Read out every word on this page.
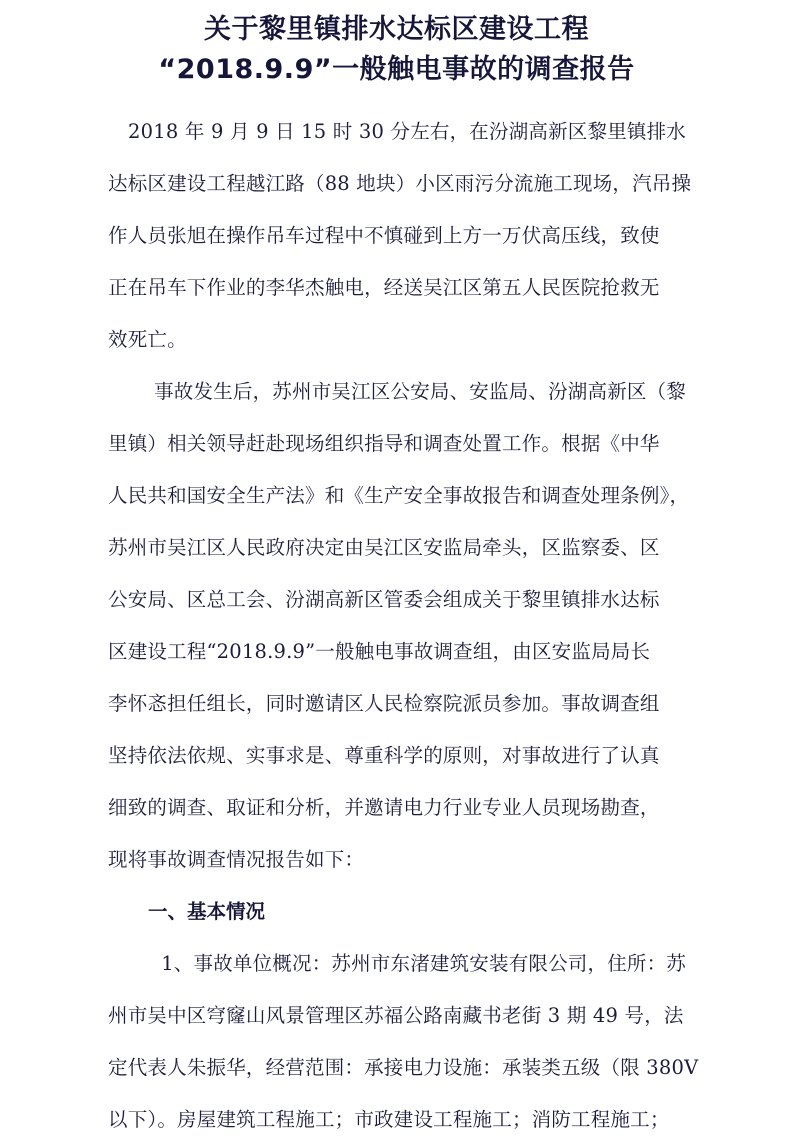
关于黎里镇排水达标区建设工程
“2018.9.9”一般触电事故的调查报告

2018 年 9 月 9 日 15 时 30 分左右，在汾湖高新区黎里镇排水
达标区建设工程越江路（88 地块）小区雨污分流施工现场，汽吊操
作人员张旭在操作吊车过程中不慎碰到上方一万伏高压线，致使
正在吊车下作业的李华杰触电，经送吴江区第五人民医院抢救无
效死亡。

事故发生后，苏州市吴江区公安局、安监局、汾湖高新区（黎
里镇）相关领导赶赴现场组织指导和调查处置工作。根据《中华
人民共和国安全生产法》和《生产安全事故报告和调查处理条例》，
苏州市吴江区人民政府决定由吴江区安监局牵头，区监察委、区
公安局、区总工会、汾湖高新区管委会组成关于黎里镇排水达标
区建设工程“2018.9.9”一般触电事故调查组，由区安监局局长
李怀忞担任组长，同时邀请区人民检察院派员参加。事故调查组
坚持依法依规、实事求是、尊重科学的原则，对事故进行了认真
细致的调查、取证和分析，并邀请电力行业专业人员现场勘查，
现将事故调查情况报告如下：

一、基本情况

1、事故单位概况：苏州市东渚建筑安装有限公司，住所：苏
州市吴中区穹窿山风景管理区苏福公路南藏书老街 3 期 49 号，法
定代表人朱振华，经营范围：承接电力设施：承装类五级（限 380V
以下）。房屋建筑工程施工；市政建设工程施工；消防工程施工；
